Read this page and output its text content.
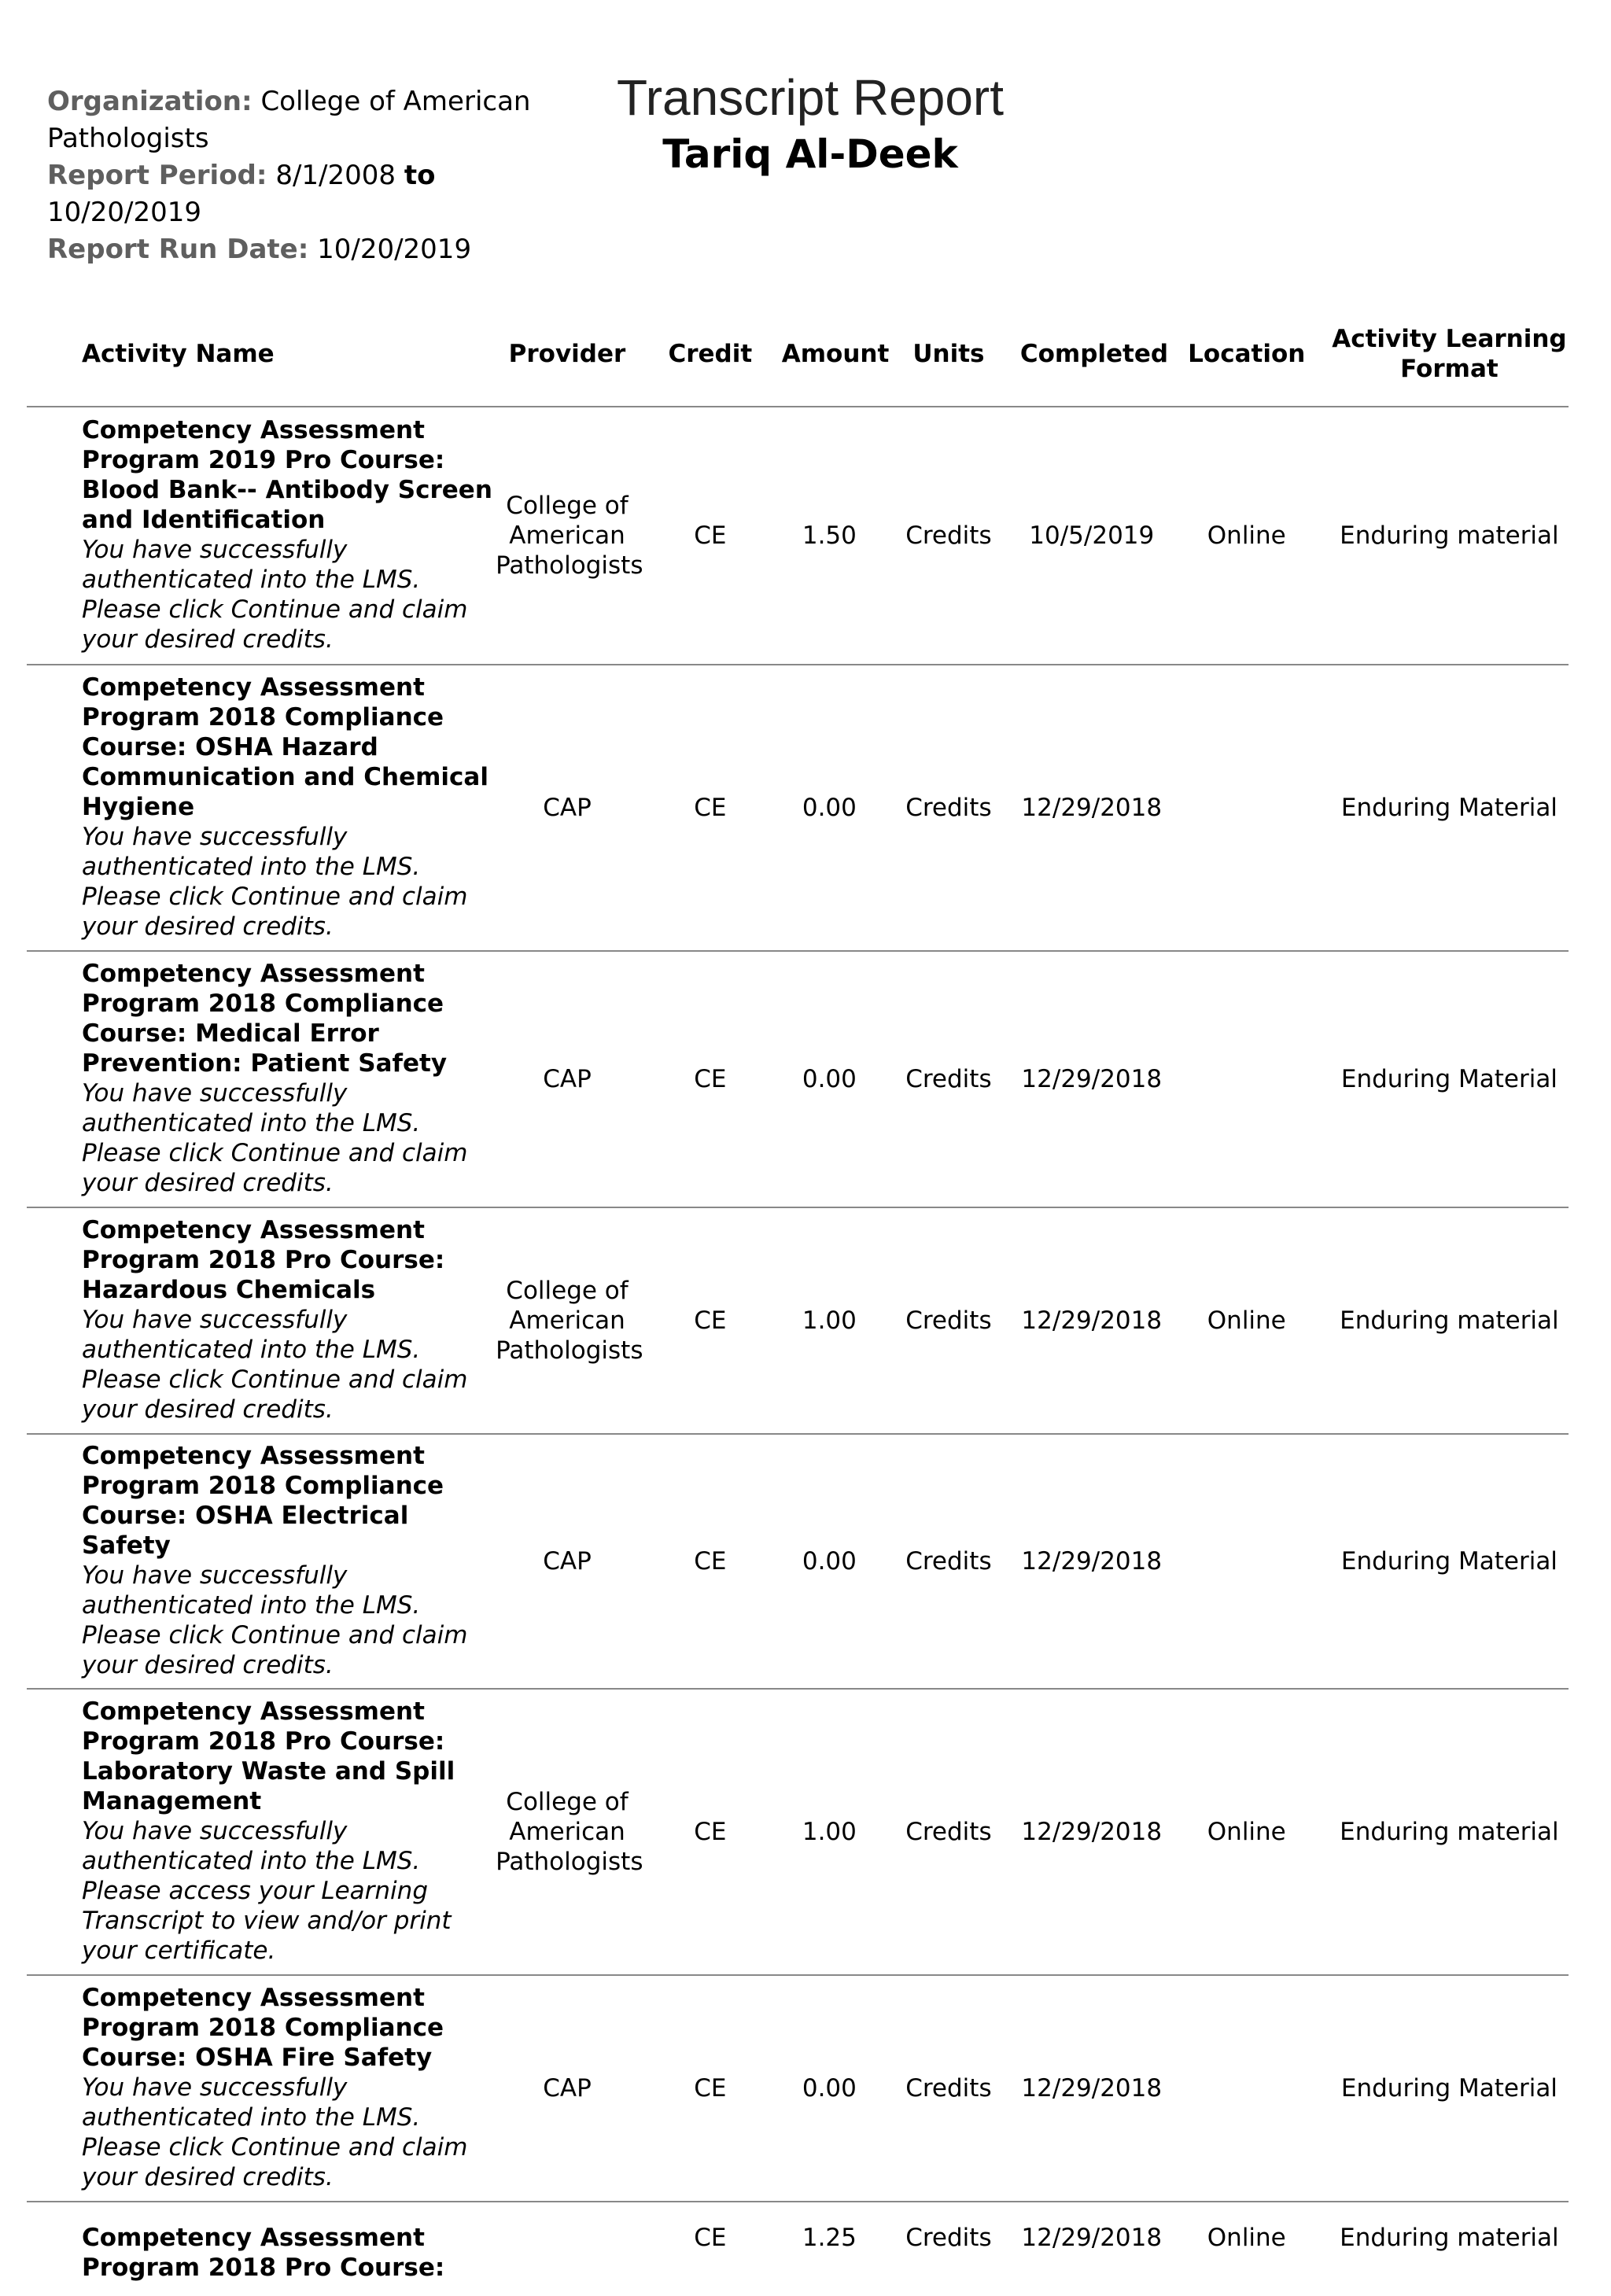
Organization: College of American Pathologists
Report Period: 8/1/2008 to 10/20/2019
Report Run Date: 10/20/2019
Transcript Report
Tariq Al-Deek
Activity Name	Provider	Credit	Amount	Units	Completed	Location	Activity Learning Format

Competency Assessment Program 2019 Pro Course: Blood Bank-- Antibody Screen and Identification
You have successfully authenticated into the LMS. Please click Continue and claim your desired credits.	College of American Pathologists	CE	1.50	Credits	10/5/2019	Online	Enduring material

Competency Assessment Program 2018 Compliance Course: OSHA Hazard Communication and Chemical Hygiene
You have successfully authenticated into the LMS. Please click Continue and claim your desired credits.	CAP	CE	0.00	Credits	12/29/2018		Enduring Material

Competency Assessment Program 2018 Compliance Course: Medical Error Prevention: Patient Safety
You have successfully authenticated into the LMS. Please click Continue and claim your desired credits.	CAP	CE	0.00	Credits	12/29/2018		Enduring Material

Competency Assessment Program 2018 Pro Course: Hazardous Chemicals
You have successfully authenticated into the LMS. Please click Continue and claim your desired credits.	College of American Pathologists	CE	1.00	Credits	12/29/2018	Online	Enduring material

Competency Assessment Program 2018 Compliance Course: OSHA Electrical Safety
You have successfully authenticated into the LMS. Please click Continue and claim your desired credits.	CAP	CE	0.00	Credits	12/29/2018		Enduring Material

Competency Assessment Program 2018 Pro Course: Laboratory Waste and Spill Management
You have successfully authenticated into the LMS. Please access your Learning Transcript to view and/or print your certificate.	College of American Pathologists	CE	1.00	Credits	12/29/2018	Online	Enduring material

Competency Assessment Program 2018 Compliance Course: OSHA Fire Safety
You have successfully authenticated into the LMS. Please click Continue and claim your desired credits.	CAP	CE	0.00	Credits	12/29/2018		Enduring Material

Competency Assessment Program 2018 Pro Course:		CE	1.25	Credits	12/29/2018	Online	Enduring material
